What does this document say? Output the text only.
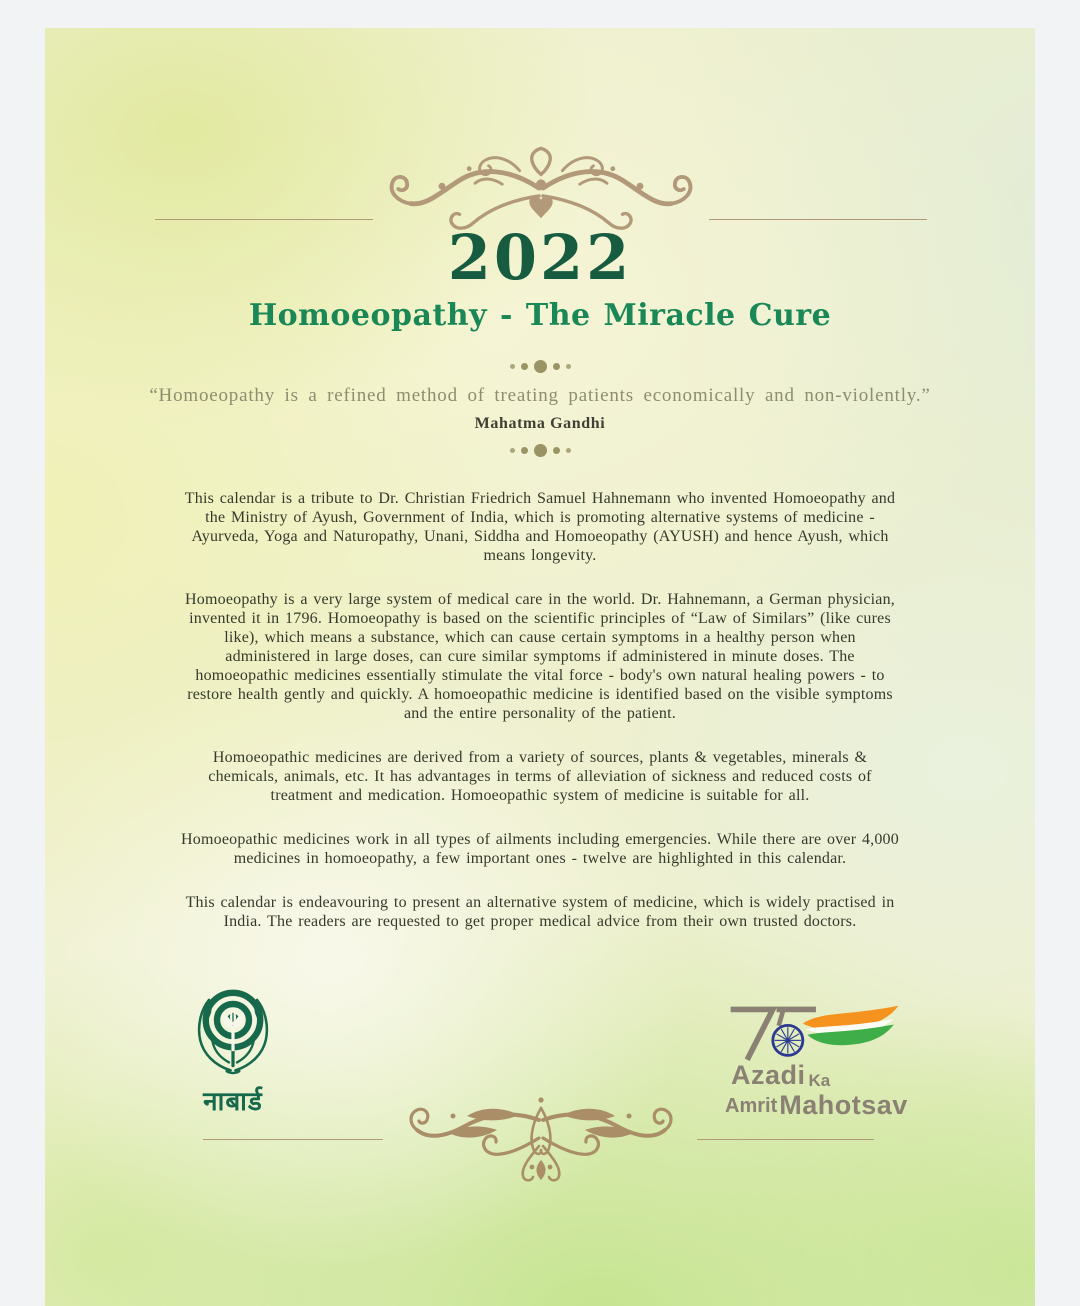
2022
Homoeopathy - The Miracle Cure
“Homoeopathy is a refined method of treating patients economically and non-violently.”
Mahatma Gandhi

This calendar is a tribute to Dr. Christian Friedrich Samuel Hahnemann who invented Homoeopathy and the Ministry of Ayush, Government of India, which is promoting alternative systems of medicine - Ayurveda, Yoga and Naturopathy, Unani, Siddha and Homoeopathy (AYUSH) and hence Ayush, which means longevity.

Homoeopathy is a very large system of medical care in the world. Dr. Hahnemann, a German physician, invented it in 1796. Homoeopathy is based on the scientific principles of “Law of Similars” (like cures like), which means a substance, which can cause certain symptoms in a healthy person when administered in large doses, can cure similar symptoms if administered in minute doses. The homoeopathic medicines essentially stimulate the vital force - body's own natural healing powers - to restore health gently and quickly. A homoeopathic medicine is identified based on the visible symptoms and the entire personality of the patient.

Homoeopathic medicines are derived from a variety of sources, plants & vegetables, minerals & chemicals, animals, etc. It has advantages in terms of alleviation of sickness and reduced costs of treatment and medication. Homoeopathic system of medicine is suitable for all.

Homoeopathic medicines work in all types of ailments including emergencies. While there are over 4,000 medicines in homoeopathy, a few important ones - twelve are highlighted in this calendar.

This calendar is endeavouring to present an alternative system of medicine, which is widely practised in India. The readers are requested to get proper medical advice from their own trusted doctors.

नाबार्ड
Azadi Ka
AmritMahotsav
